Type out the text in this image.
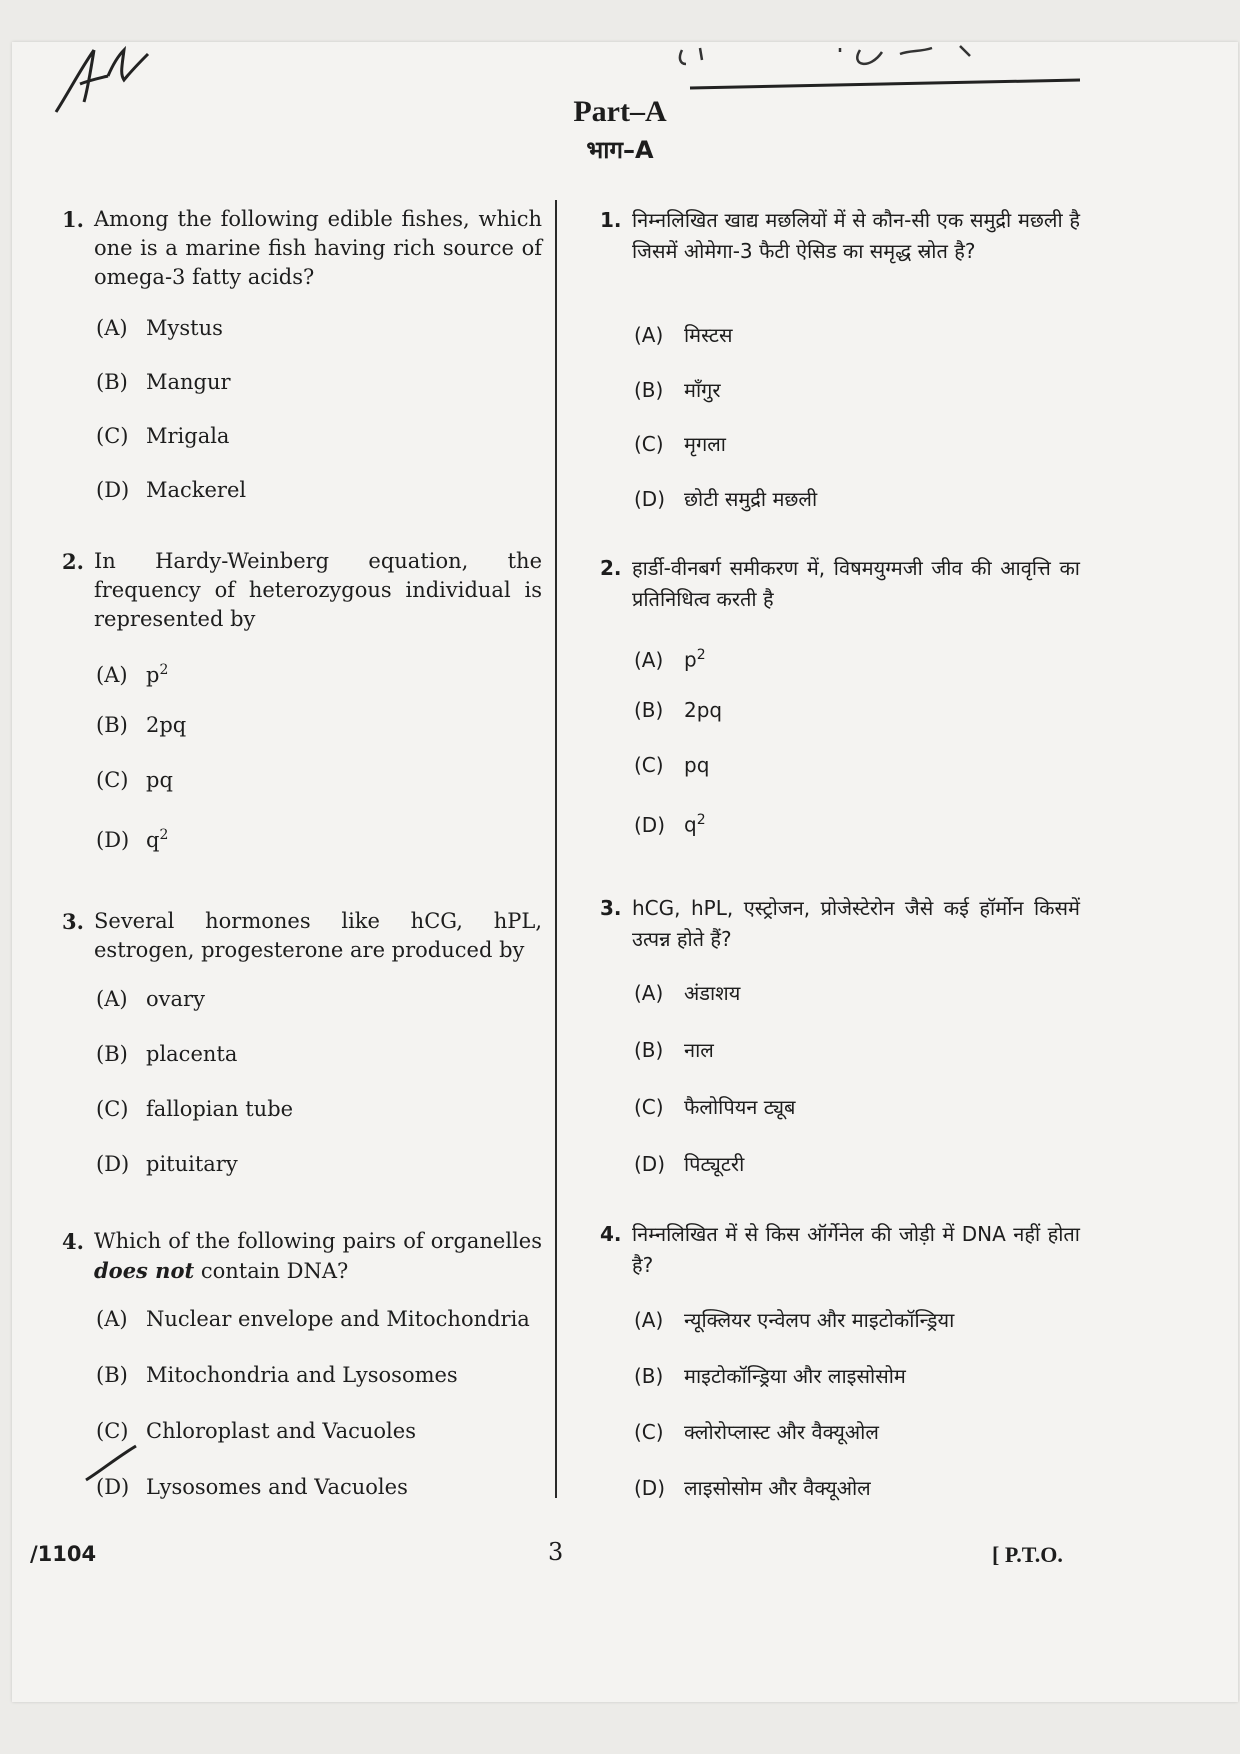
Part–A
भाग–A
1. Among the following edible fishes, which one is a marine fish having rich source of omega-3 fatty acids?
(A) Mystus
(B) Mangur
(C) Mrigala
(D) Mackerel
2. In Hardy-Weinberg equation, the frequency of heterozygous individual is represented by
(A) $p^2$
(B) 2pq
(C) pq
(D) $q^2$
3. Several hormones like hCG, hPL, estrogen, progesterone are produced by
(A) ovary
(B) placenta
(C) fallopian tube
(D) pituitary
4. Which of the following pairs of organelles does not contain DNA?
(A) Nuclear envelope and Mitochondria
(B) Mitochondria and Lysosomes
(C) Chloroplast and Vacuoles
(D) Lysosomes and Vacuoles
1. निम्नलिखित खाद्य मछलियों में से कौन-सी एक समुद्री मछली है जिसमें ओमेगा-3 फैटी ऐसिड का समृद्ध स्रोत है?
(A) मिस्टस
(B) माँगुर
(C) मृगला
(D) छोटी समुद्री मछली
2. हार्डी-वीनबर्ग समीकरण में, विषमयुग्मजी जीव की आवृत्ति का प्रतिनिधित्व करती है
(A) $p^2$
(B) 2pq
(C) pq
(D) $q^2$
3. hCG, hPL, एस्ट्रोजन, प्रोजेस्टेरोन जैसे कई हॉर्मोन किसमें उत्पन्न होते हैं?
(A) अंडाशय
(B) नाल
(C) फैलोपियन ट्यूब
(D) पिट्यूटरी
4. निम्नलिखित में से किस ऑर्गेनेल की जोड़ी में DNA नहीं होता है?
(A) न्यूक्लियर एन्वेलप और माइटोकॉन्ड्रिया
(B) माइटोकॉन्ड्रिया और लाइसोसोम
(C) क्लोरोप्लास्ट और वैक्यूओल
(D) लाइसोसोम और वैक्यूओल
/1104	3	[ P.T.O.
